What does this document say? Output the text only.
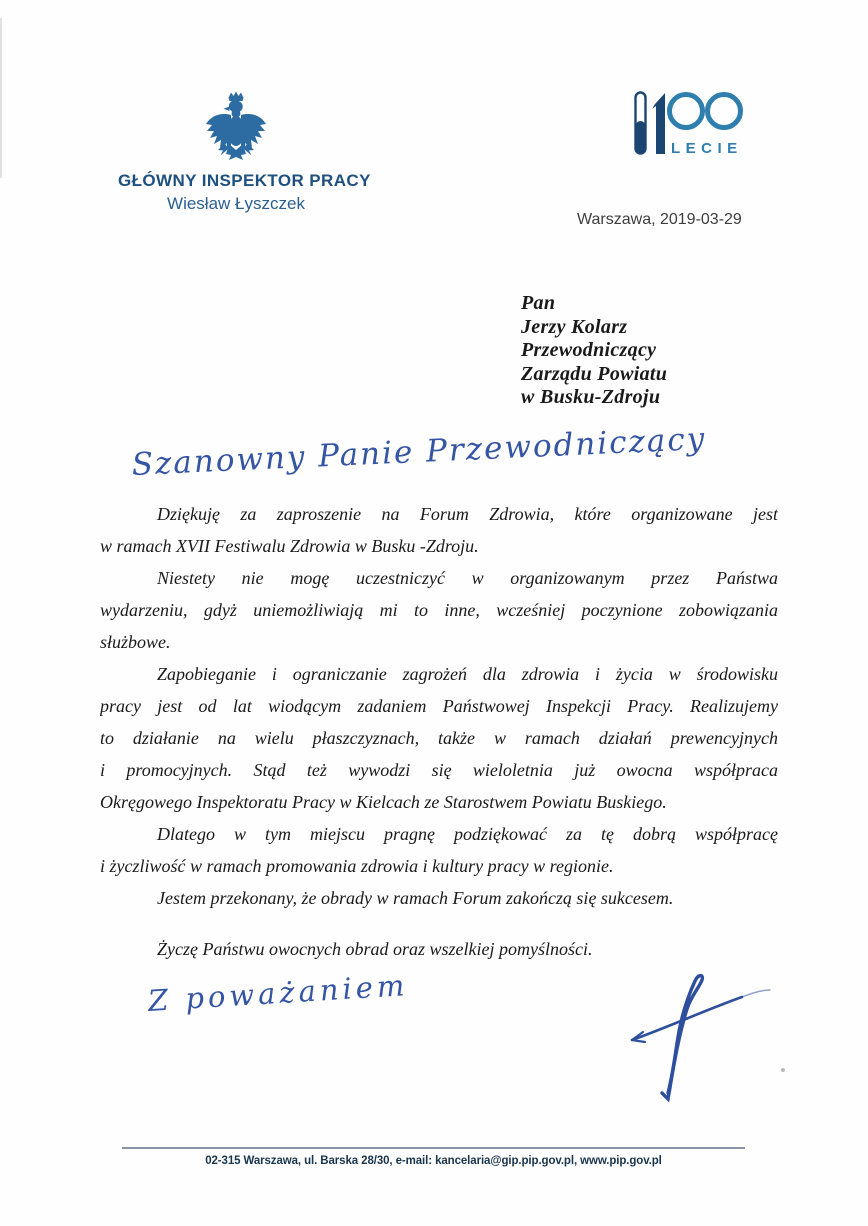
GŁÓWNY INSPEKTOR PRACY
Wiesław Łyszczek
LECIE
Warszawa, 2019-03-29
Pan
Jerzy Kolarz
Przewodniczący
Zarządu Powiatu
w Busku-Zdroju
Szanowny Panie Przewodniczący
Dziękuję za zaproszenie na Forum Zdrowia, które organizowane jest
w ramach XVII Festiwalu Zdrowia w Busku -Zdroju.
Niestety nie mogę uczestniczyć w organizowanym przez Państwa
wydarzeniu, gdyż uniemożliwiają mi to inne, wcześniej poczynione zobowiązania
służbowe.
Zapobieganie i ograniczanie zagrożeń dla zdrowia i życia w środowisku
pracy jest od lat wiodącym zadaniem Państwowej Inspekcji Pracy. Realizujemy
to działanie na wielu płaszczyznach, także w ramach działań prewencyjnych
i promocyjnych. Stąd też wywodzi się wieloletnia już owocna współpraca
Okręgowego Inspektoratu Pracy w Kielcach ze Starostwem Powiatu Buskiego.
Dlatego w tym miejscu pragnę podziękować za tę dobrą współpracę
i życzliwość w ramach promowania zdrowia i kultury pracy w regionie.
Jestem przekonany, że obrady w ramach Forum zakończą się sukcesem.
Życzę Państwu owocnych obrad oraz wszelkiej pomyślności.
Z poważaniem
02-315 Warszawa, ul. Barska 28/30, e-mail: kancelaria@gip.pip.gov.pl, www.pip.gov.pl
